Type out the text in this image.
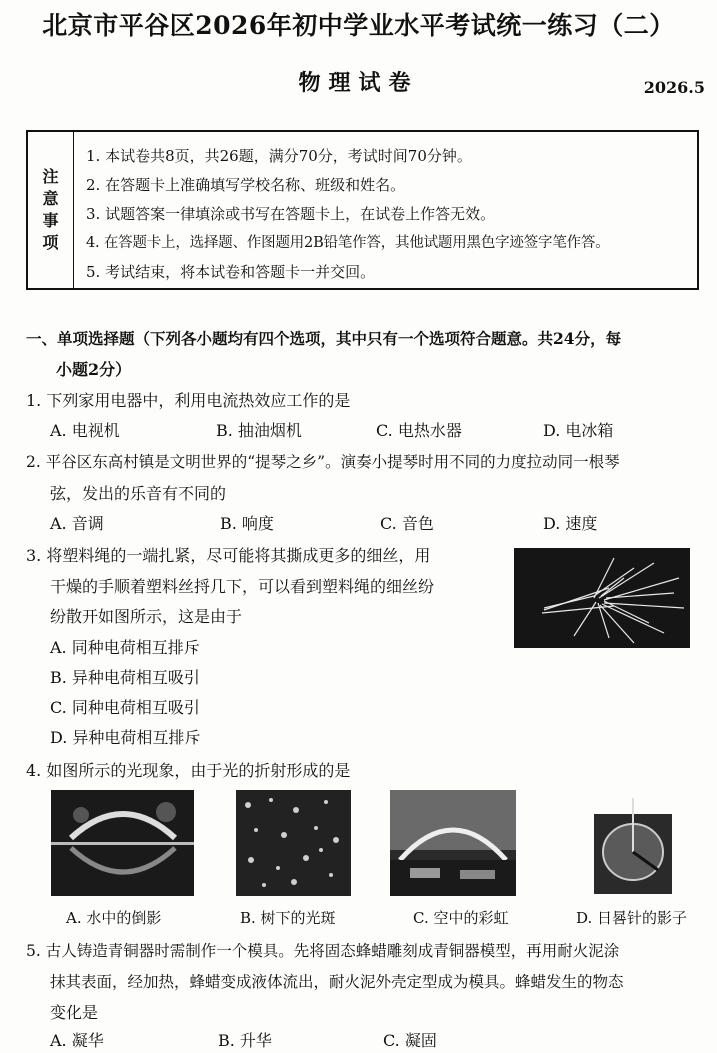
北京市平谷区2026年初中学业水平考试统一练习（二）
物理试卷	2026.5
注意事项
1. 本试卷共8页，共26题，满分70分，考试时间70分钟。
2. 在答题卡上准确填写学校名称、班级和姓名。
3. 试题答案一律填涂或书写在答题卡上，在试卷上作答无效。
4. 在答题卡上，选择题、作图题用2B铅笔作答，其他试题用黑色字迹签字笔作答。
5. 考试结束，将本试卷和答题卡一并交回。
一、单项选择题（下列各小题均有四个选项，其中只有一个选项符合题意。共24分，每
小题2分）
1. 下列家用电器中，利用电流热效应工作的是
A. 电视机	B. 抽油烟机	C. 电热水器	D. 电冰箱
2. 平谷区东高村镇是文明世界的“提琴之乡”。演奏小提琴时用不同的力度拉动同一根琴
弦，发出的乐音有不同的
A. 音调	B. 响度	C. 音色	D. 速度
3. 将塑料绳的一端扎紧，尽可能将其撕成更多的细丝，用
干燥的手顺着塑料丝捋几下，可以看到塑料绳的细丝纷
纷散开如图所示，这是由于
A. 同种电荷相互排斥
B. 异种电荷相互吸引
C. 同种电荷相互吸引
D. 异种电荷相互排斥
4. 如图所示的光现象，由于光的折射形成的是
A. 水中的倒影	B. 树下的光斑	C. 空中的彩虹	D. 日晷针的影子
5. 古人铸造青铜器时需制作一个模具。先将固态蜂蜡雕刻成青铜器模型，再用耐火泥涂
抹其表面，经加热，蜂蜡变成液体流出，耐火泥外壳定型成为模具。蜂蜡发生的物态
变化是
A. 凝华	B. 升华	C. 凝固
